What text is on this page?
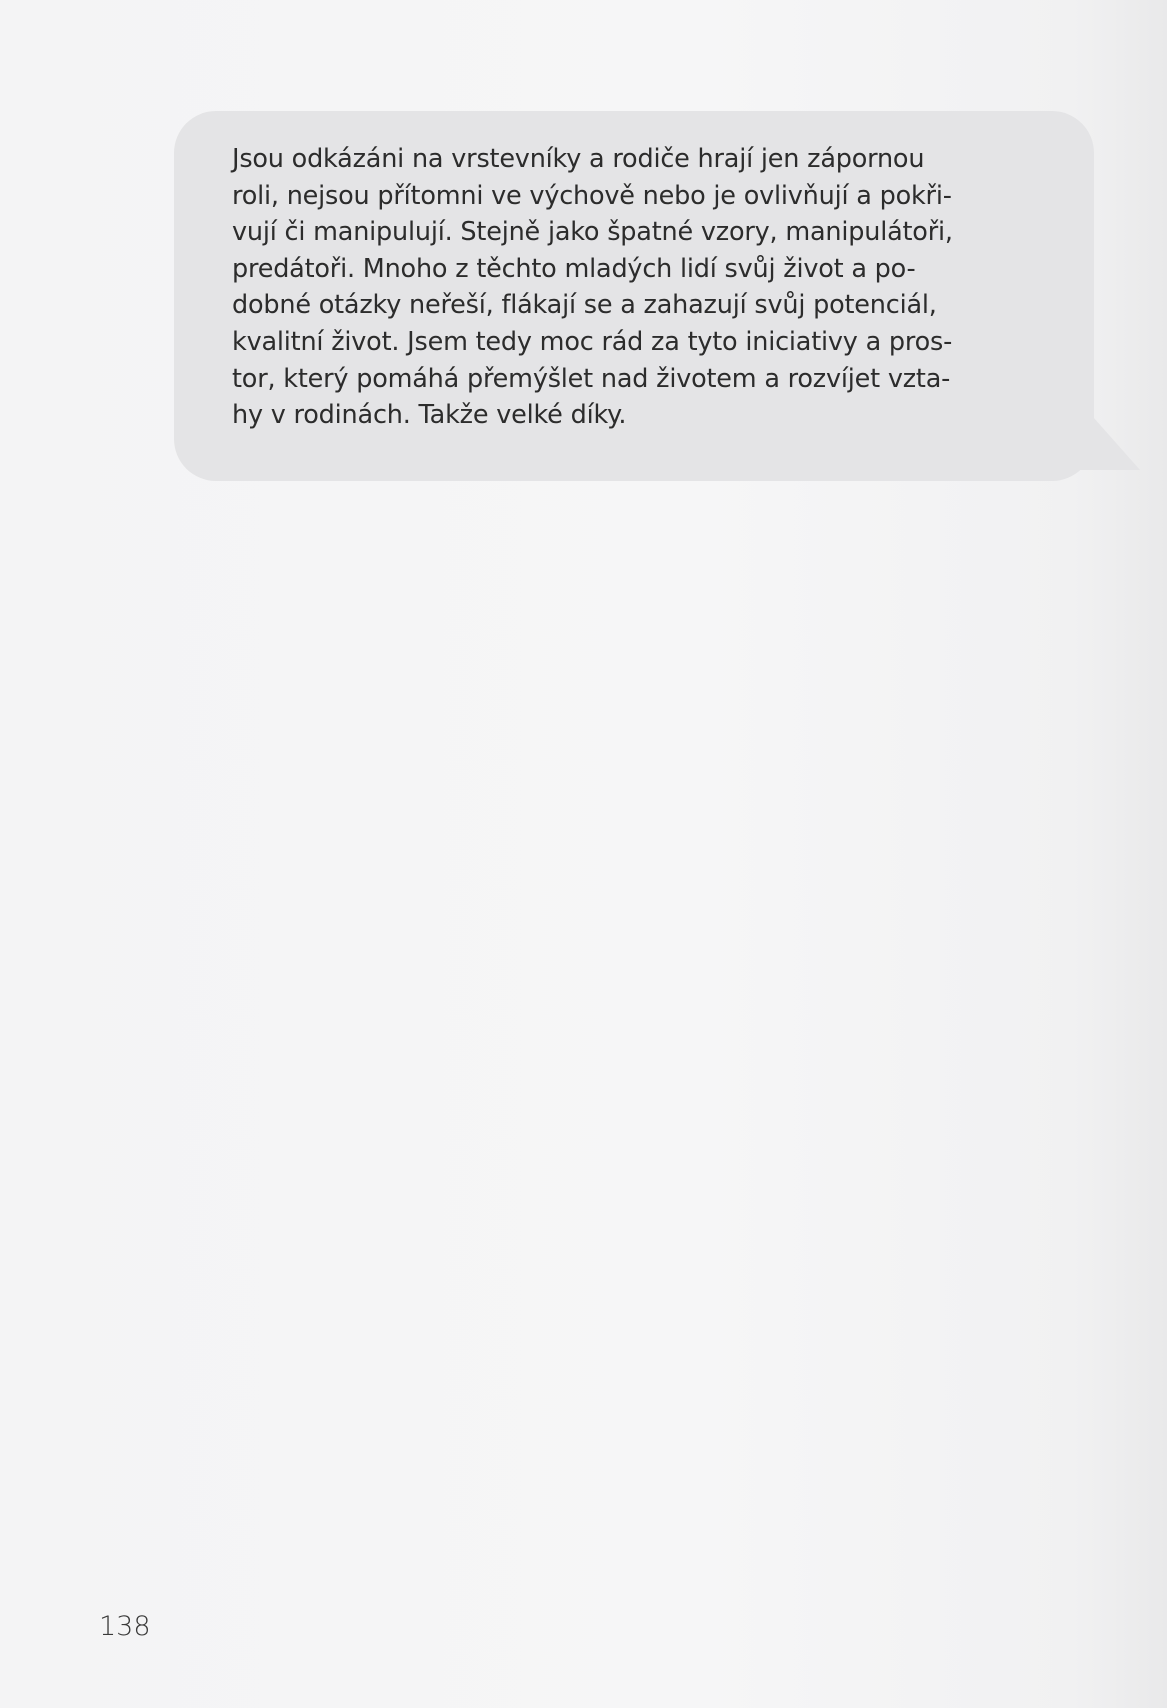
Jsou odkázáni na vrstevníky a rodiče hrají jen zápornou
roli, nejsou přítomni ve výchově nebo je ovlivňují a pokři-
vují či manipulují. Stejně jako špatné vzory, manipulátoři,
predátoři. Mnoho z těchto mladých lidí svůj život a po-
dobné otázky neřeší, flákají se a zahazují svůj potenciál,
kvalitní život. Jsem tedy moc rád za tyto iniciativy a pros-
tor, který pomáhá přemýšlet nad životem a rozvíjet vzta-
hy v rodinách. Takže velké díky.

138
